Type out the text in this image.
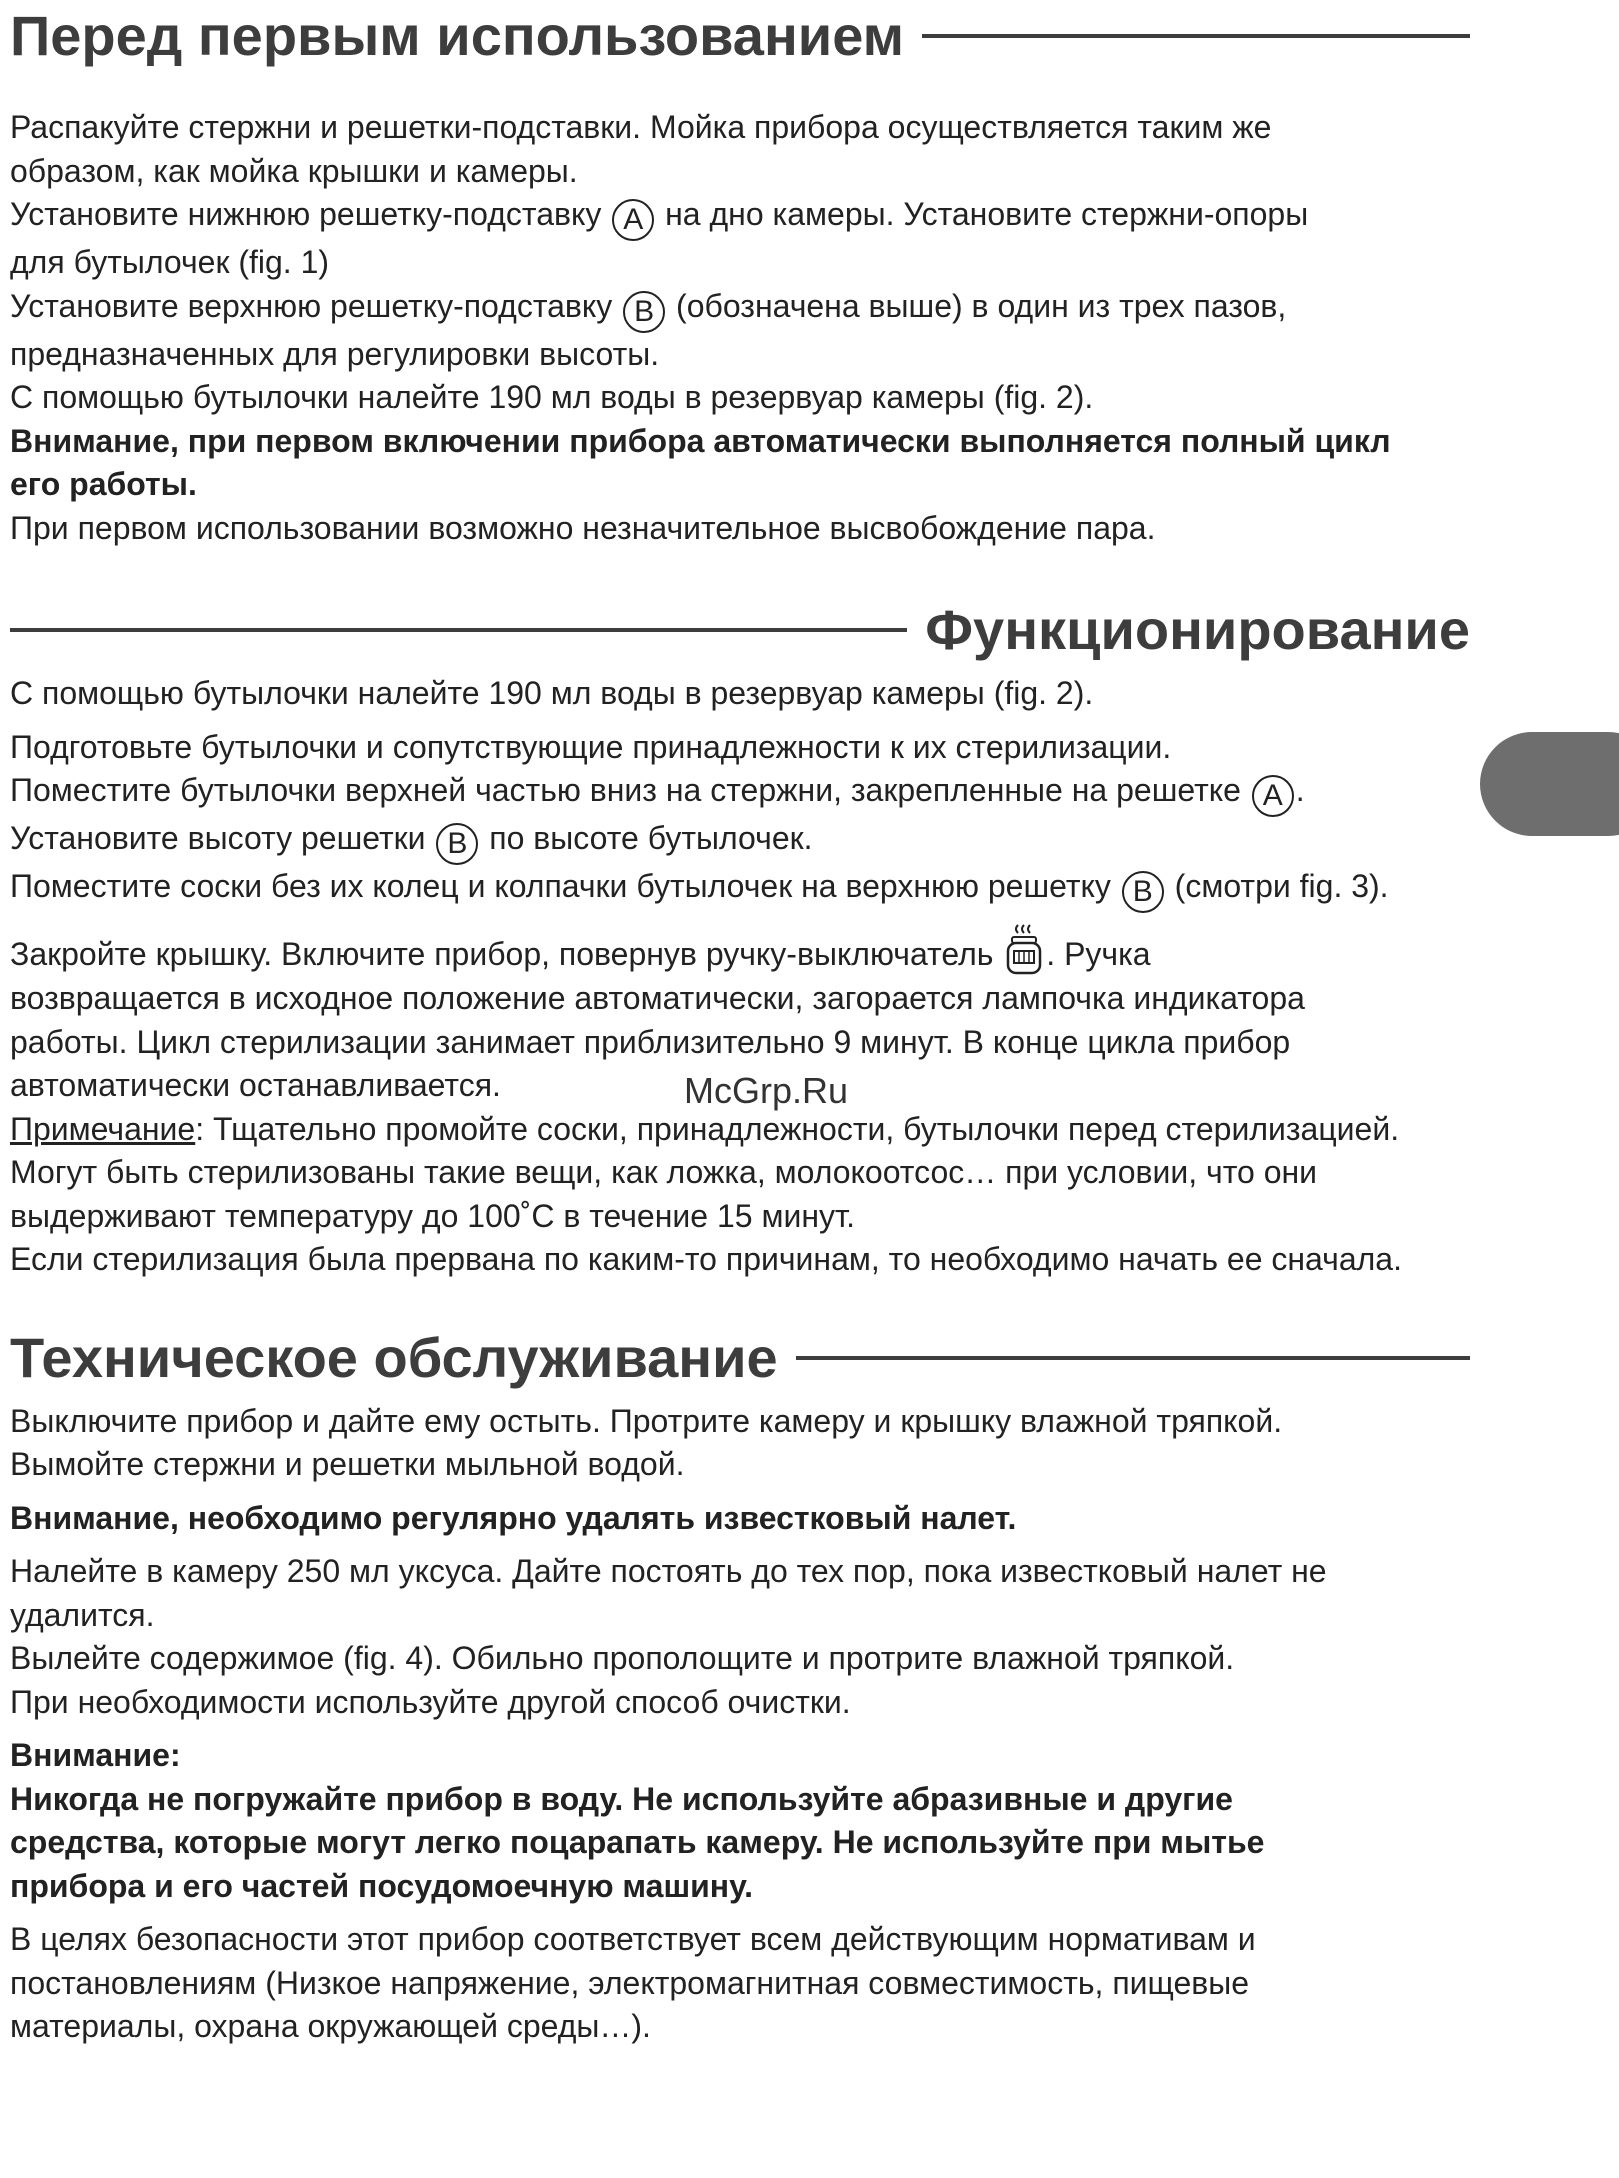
Перед первым использованием

Распакуйте стержни и решетки-подставки. Мойка прибора осуществляется таким же

образом, как мойка крышки и камеры.

Установите нижнюю решетку-подставку A на дно камеры. Установите стержни-опоры

для бутылочек (fig. 1)

Установите верхнюю решетку-подставку B (обозначена выше) в один из трех пазов,

предназначенных для регулировки высоты.

С помощью бутылочки налейте 190 мл воды в резервуар камеры (fig. 2).

Внимание, при первом включении прибора автоматически выполняется полный цикл

его работы.

При первом использовании возможно незначительное высвобождение пара.

Функционирование

С помощью бутылочки налейте 190 мл воды в резервуар камеры (fig. 2).

Подготовьте бутылочки и сопутствующие принадлежности к их стерилизации.

Поместите бутылочки верхней частью вниз на стержни, закрепленные на решетке A .

Установите высоту решетки B по высоте бутылочек.

Поместите соски без их колец и колпачки бутылочек на верхнюю решетку B (смотри fig. 3).

Закройте крышку. Включите прибор, повернув ручку-выключатель . Ручка

возвращается в исходное положение автоматически, загорается лампочка индикатора

работы. Цикл стерилизации занимает приблизительно 9 минут. В конце цикла прибор

автоматически останавливается.

Примечание: Тщательно промойте соски, принадлежности, бутылочки перед стерилизацией.

Могут быть стерилизованы такие вещи, как ложка, молокоотсос… при условии, что они

выдерживают температуру до 100˚C в течение 15 минут.

Если стерилизация была прервана по каким-то причинам, то необходимо начать ее сначала.

Техническое обслуживание

Выключите прибор и дайте ему остыть. Протрите камеру и крышку влажной тряпкой.

Вымойте стержни и решетки мыльной водой.

Внимание, необходимо регулярно удалять известковый налет.

Налейте в камеру 250 мл уксуса. Дайте постоять до тех пор, пока известковый налет не

удалится.

Вылейте содержимое (fig. 4). Обильно прополощите и протрите влажной тряпкой.

При необходимости используйте другой способ очистки.

Внимание:

Никогда не погружайте прибор в воду. Не используйте абразивные и другие

средства, которые могут легко поцарапать камеру. Не используйте при мытье

прибора и его частей посудомоечную машину.

В целях безопасности этот прибор соответствует всем действующим нормативам и

постановлениям (Низкое напряжение, электромагнитная совместимость, пищевые

материалы, охрана окружающей среды…).

McGrp.Ru
